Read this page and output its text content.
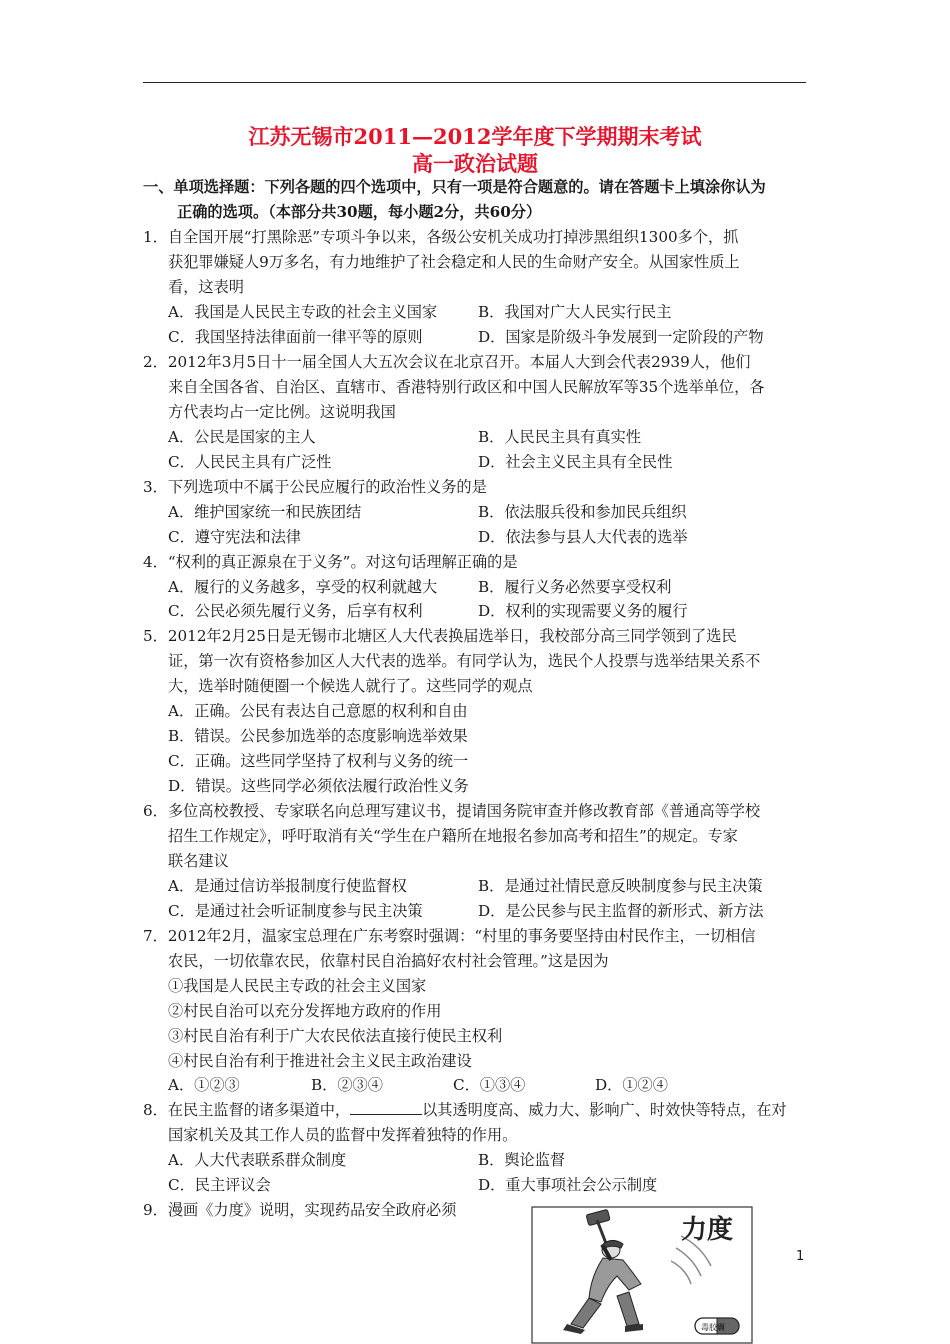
江苏无锡市2011—2012学年度下学期期末考试
高一政治试题
一、单项选择题：下列各题的四个选项中，只有一项是符合题意的。请在答题卡上填涂你认为
正确的选项。（本部分共30题，每小题2分，共60分）
1．自全国开展“打黑除恶”专项斗争以来，各级公安机关成功打掉涉黑组织1300多个，抓
获犯罪嫌疑人9万多名，有力地维护了社会稳定和人民的生命财产安全。从国家性质上
看，这表明
A．我国是人民民主专政的社会主义国家	B．我国对广大人民实行民主
C．我国坚持法律面前一律平等的原则	D．国家是阶级斗争发展到一定阶段的产物
2．2012年3月5日十一届全国人大五次会议在北京召开。本届人大到会代表2939人，他们
来自全国各省、自治区、直辖市、香港特别行政区和中国人民解放军等35个选举单位，各
方代表均占一定比例。这说明我国
A．公民是国家的主人	B．人民民主具有真实性
C．人民民主具有广泛性	D．社会主义民主具有全民性
3．下列选项中不属于公民应履行的政治性义务的是
A．维护国家统一和民族团结	B．依法服兵役和参加民兵组织
C．遵守宪法和法律	D．依法参与县人大代表的选举
4．“权利的真正源泉在于义务”。对这句话理解正确的是
A．履行的义务越多，享受的权利就越大	B．履行义务必然要享受权利
C．公民必须先履行义务，后享有权利	D．权利的实现需要义务的履行
5．2012年2月25日是无锡市北塘区人大代表换届选举日，我校部分高三同学领到了选民
证，第一次有资格参加区人大代表的选举。有同学认为，选民个人投票与选举结果关系不
大，选举时随便圈一个候选人就行了。这些同学的观点
A．正确。公民有表达自己意愿的权利和自由
B．错误。公民参加选举的态度影响选举效果
C．正确。这些同学坚持了权利与义务的统一
D．错误。这些同学必须依法履行政治性义务
6．多位高校教授、专家联名向总理写建议书，提请国务院审查并修改教育部《普通高等学校
招生工作规定》，呼吁取消有关“学生在户籍所在地报名参加高考和招生”的规定。专家
联名建议
A．是通过信访举报制度行使监督权	B．是通过社情民意反映制度参与民主决策
C．是通过社会听证制度参与民主决策	D．是公民参与民主监督的新形式、新方法
7．2012年2月，温家宝总理在广东考察时强调：“村里的事务要坚持由村民作主，一切相信
农民，一切依靠农民，依靠村民自治搞好农村社会管理。”这是因为
①我国是人民民主专政的社会主义国家
②村民自治可以充分发挥地方政府的作用
③村民自治有利于广大农民依法直接行使民主权利
④村民自治有利于推进社会主义民主政治建设
A．①②③	B．②③④	C．①③④	D．①②④
8．在民主监督的诸多渠道中，	以其透明度高、威力大、影响广、时效快等特点，在对
国家机关及其工作人员的监督中发挥着独特的作用。
A．人大代表联系群众制度	B．舆论监督
C．民主评议会	D．重大事项社会公示制度
9．漫画《力度》说明，实现药品安全政府必须
力度
毒胶囊
1
